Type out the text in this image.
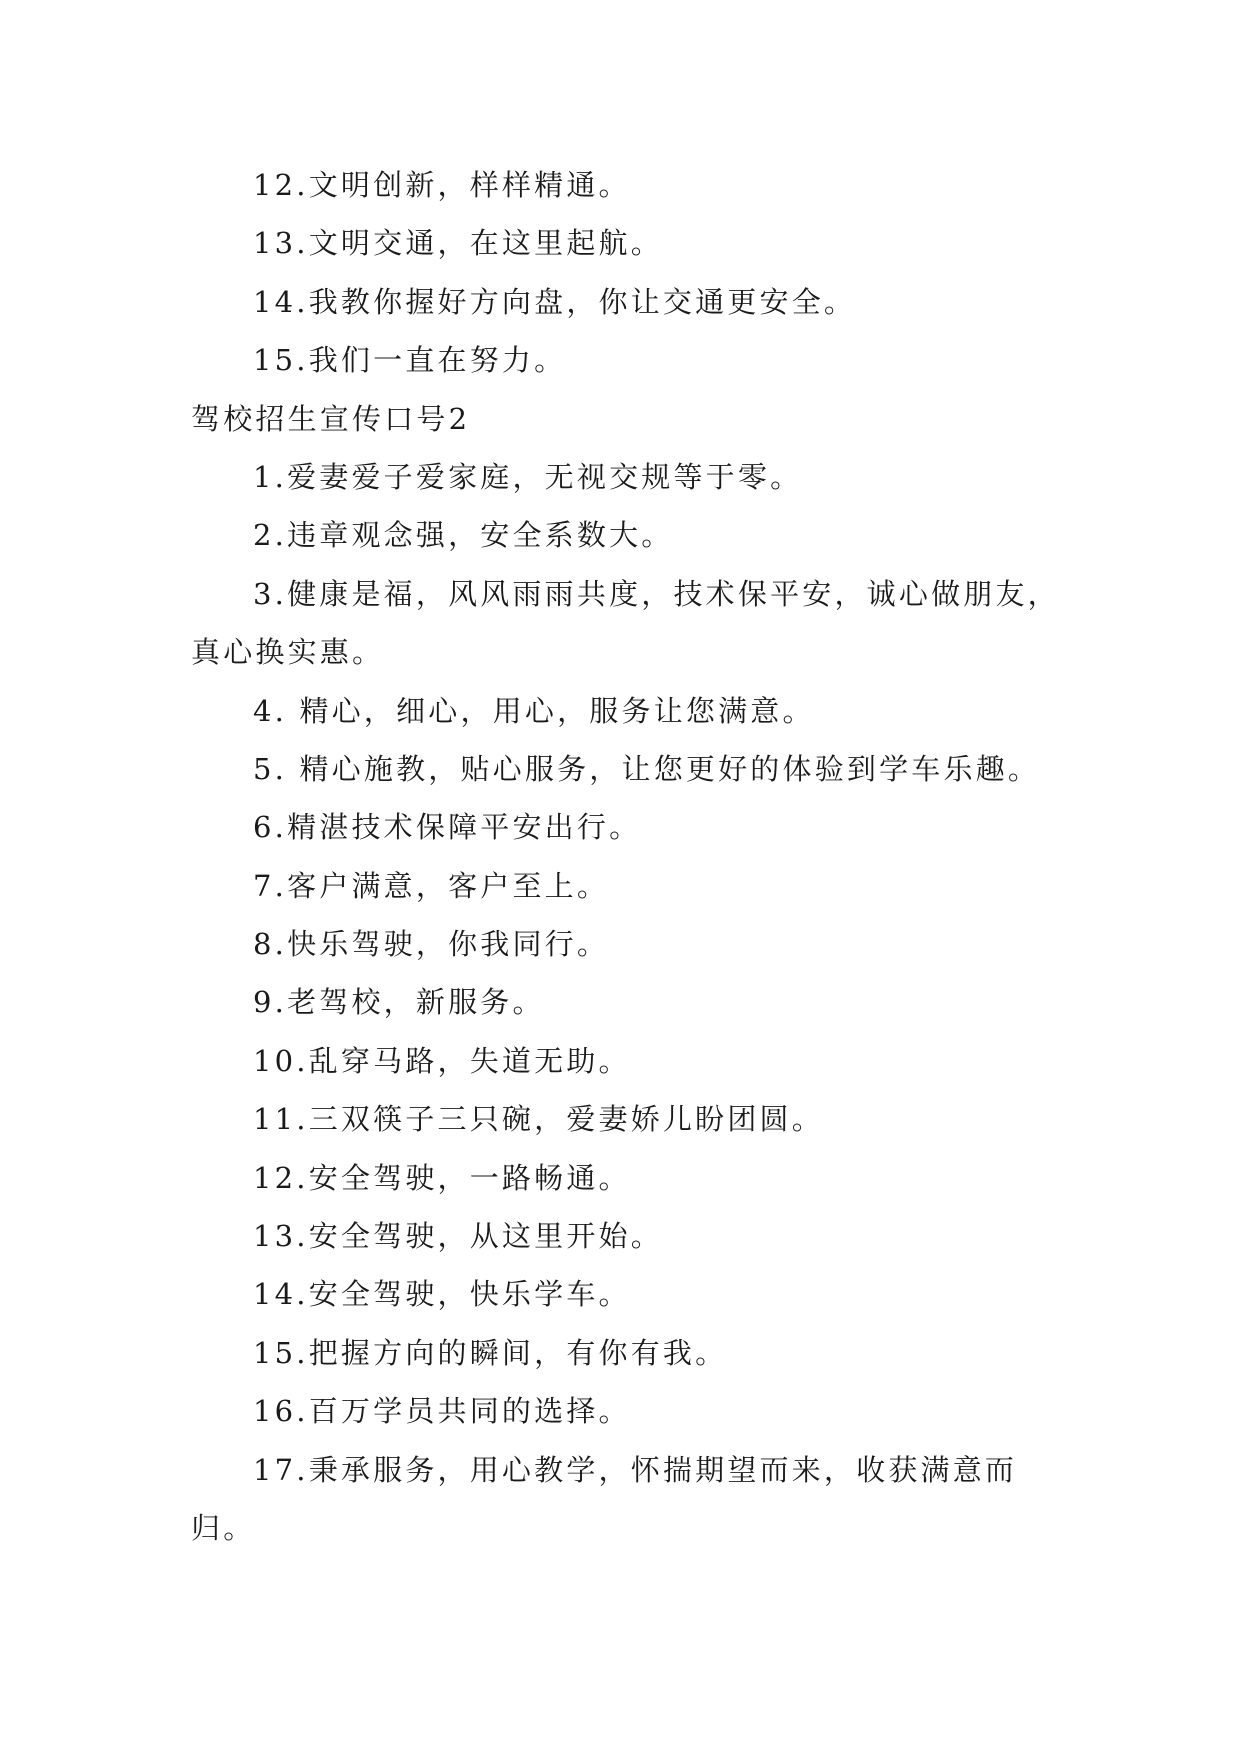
12.文明创新，样样精通。
13.文明交通，在这里起航。
14.我教你握好方向盘，你让交通更安全。
15.我们一直在努力。
驾校招生宣传口号2
1.爱妻爱子爱家庭，无视交规等于零。
2.违章观念强，安全系数大。
3.健康是福，风风雨雨共度，技术保平安，诚心做朋友，
真心换实惠。
4. 精心，细心，用心，服务让您满意。
5. 精心施教，贴心服务，让您更好的体验到学车乐趣。
6.精湛技术保障平安出行。
7.客户满意，客户至上。
8.快乐驾驶，你我同行。
9.老驾校，新服务。
10.乱穿马路，失道无助。
11.三双筷子三只碗，爱妻娇儿盼团圆。
12.安全驾驶，一路畅通。
13.安全驾驶，从这里开始。
14.安全驾驶，快乐学车。
15.把握方向的瞬间，有你有我。
16.百万学员共同的选择。
17.秉承服务，用心教学，怀揣期望而来，收获满意而
归。
